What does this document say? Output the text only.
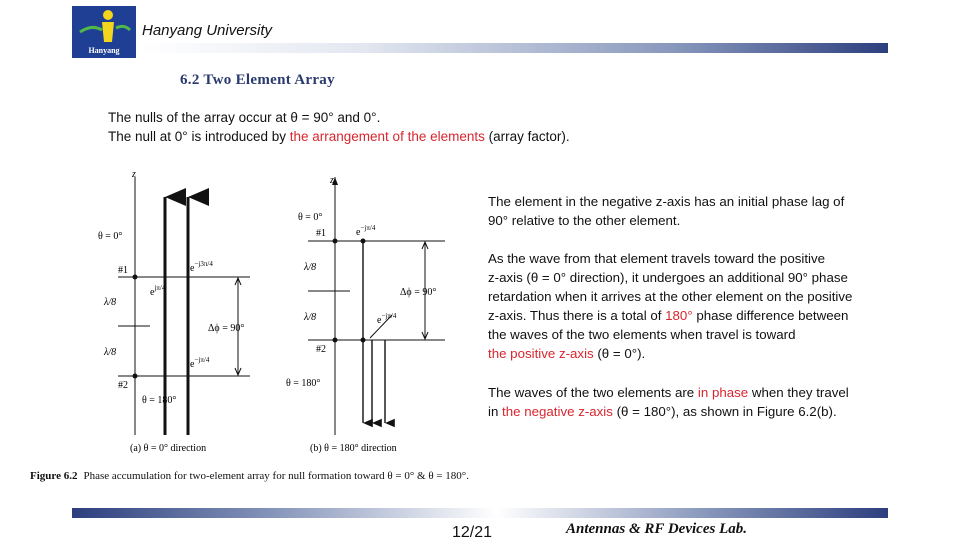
Hanyang
Hanyang University
6.2 Two Element Array
The nulls of the array occur at θ = 90° and 0°.
The null at 0° is introduced by the arrangement of the elements (array factor).
z
θ = 0°
#1
#2
λ/8
λ/8
$e^{-j3\pi/4}$
$e^{j\pi/4}$
$e^{-j\pi/4}$
Δϕ = 90°
θ = 180°
(a) θ = 0° direction
z
θ = 0°
#1
#2
λ/8
λ/8
$e^{-j\pi/4}$
$e^{-j\pi/4}$
Δϕ = 90°
θ = 180°
(b) θ = 180° direction
The element in the negative z-axis has an initial phase lag of
90° relative to the other element.
As the wave from that element travels toward the positive
z-axis (θ = 0° direction), it undergoes an additional 90° phase
retardation when it arrives at the other element on the positive
z-axis. Thus there is a total of 180° phase difference between
the waves of the two elements when travel is toward
the positive z-axis (θ = 0°).
The waves of the two elements are in phase when they travel
in the negative z-axis (θ = 180°), as shown in Figure 6.2(b).
Figure 6.2 Phase accumulation for two-element array for null formation toward θ = 0° & θ = 180°.
12/21	Antennas & RF Devices Lab.
